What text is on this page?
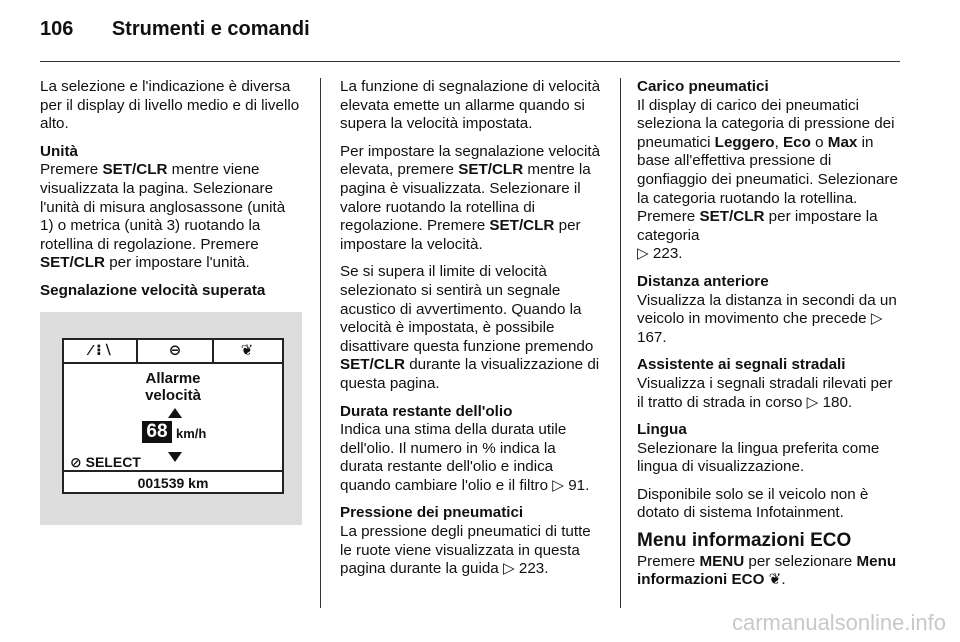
106 Strumenti e comandi

La selezione e l'indicazione è diversa per il display di livello medio e di livello alto.

Unità
Premere SET/CLR mentre viene visualizzata la pagina. Selezionare l'unità di misura anglosassone (unità 1) o metrica (unità 3) ruotando la rotellina di regolazione. Premere SET/CLR per impostare l'unità.

Segnalazione velocità superata

⁄ ⁝ ⧵	⊖	❦
Allarme
velocità
68 km/h
⊘ SELECT
001539 km

La funzione di segnalazione di velocità elevata emette un allarme quando si supera la velocità impostata.

Per impostare la segnalazione velocità elevata, premere SET/CLR mentre la pagina è visualizzata. Selezionare il valore ruotando la rotellina di regolazione. Premere SET/CLR per impostare la velocità.

Se si supera il limite di velocità selezionato si sentirà un segnale acustico di avvertimento. Quando la velocità è impostata, è possibile disattivare questa funzione premendo SET/CLR durante la visualizzazione di questa pagina.

Durata restante dell'olio
Indica una stima della durata utile dell'olio. Il numero in % indica la durata restante dell'olio e indica quando cambiare l'olio e il filtro ▷ 91.

Pressione dei pneumatici
La pressione degli pneumatici di tutte le ruote viene visualizzata in questa pagina durante la guida ▷ 223.

Carico pneumatici
Il display di carico dei pneumatici seleziona la categoria di pressione dei pneumatici Leggero, Eco o Max in base all'effettiva pressione di gonfiaggio dei pneumatici. Selezionare la categoria ruotando la rotellina. Premere SET/CLR per impostare la categoria
▷ 223.

Distanza anteriore
Visualizza la distanza in secondi da un veicolo in movimento che precede ▷ 167.

Assistente ai segnali stradali
Visualizza i segnali stradali rilevati per il tratto di strada in corso ▷ 180.

Lingua
Selezionare la lingua preferita come lingua di visualizzazione.

Disponibile solo se il veicolo non è dotato di sistema Infotainment.

Menu informazioni ECO
Premere MENU per selezionare Menu informazioni ECO ❦.
carmanualsonline.info
